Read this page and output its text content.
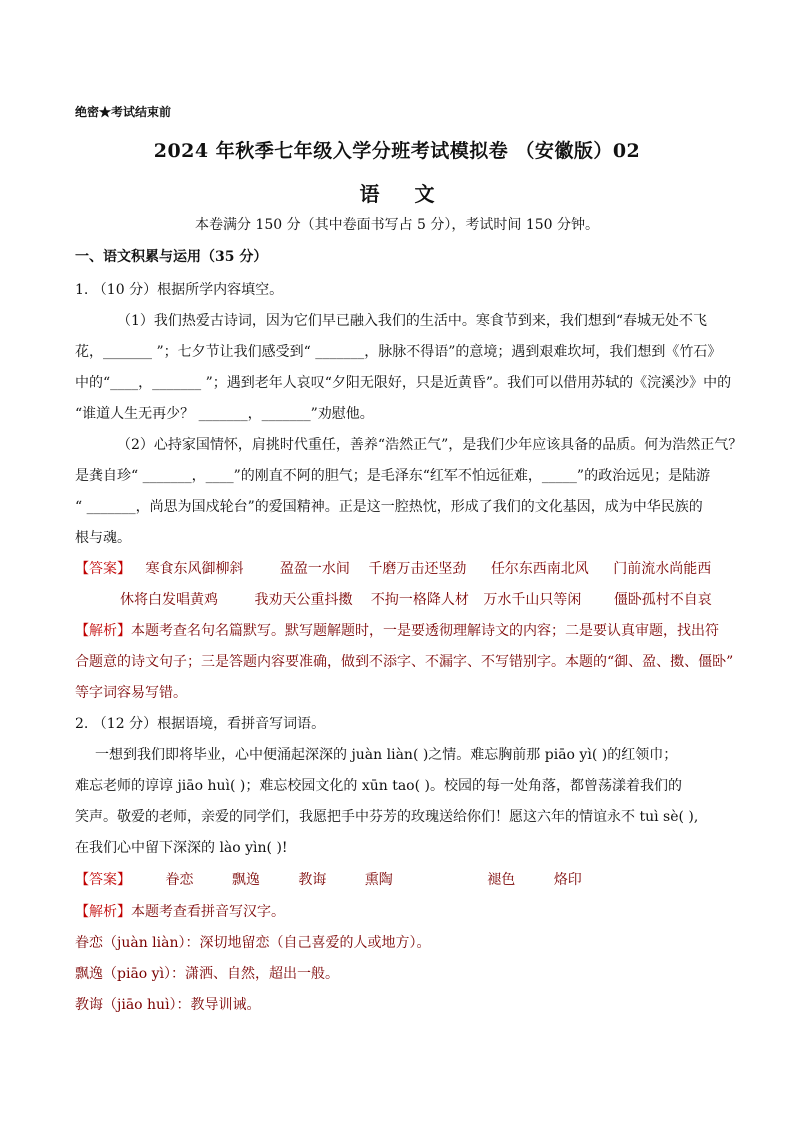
绝密★考试结束前
2024 年秋季七年级入学分班考试模拟卷 （安徽版）02
语 文
本卷满分 150 分（其中卷面书写占 5 分），考试时间 150 分钟。
一、语文积累与运用（35 分）
1. （10 分）根据所学内容填空。
（1）我们热爱古诗词，因为它们早已融入我们的生活中。寒食节到来，我们想到“春城无处不飞
花，_______ ”；七夕节让我们感受到“ _______，脉脉不得语”的意境；遇到艰难坎坷，我们想到《竹石》
中的“____，_______ ”；遇到老年人哀叹“夕阳无限好，只是近黄昏”。我们可以借用苏轼的《浣溪沙》中的
“谁道人生无再少？ _______，_______”劝慰他。
（2）心持家国情怀，肩挑时代重任，善养“浩然正气”，是我们少年应该具备的品质。何为浩然正气？
是龚自珍“ _______，____”的刚直不阿的胆气；是毛泽东“红军不怕远征难，_____”的政治远见；是陆游
“ _______，尚思为国戍轮台”的爱国精神。正是这一腔热忱，形成了我们的文化基因，成为中华民族的
根与魂。
【答案】 寒食东风御柳斜	盈盈一水间 千磨万击还坚劲 任尔东西南北风 门前流水尚能西
休将白发唱黄鸡	我劝天公重抖擞 不拘一格降人材 万水千山只等闲 僵卧孤村不自哀
【解析】本题考查名句名篇默写。默写题解题时，一是要透彻理解诗文的内容；二是要认真审题，找出符
合题意的诗文句子；三是答题内容要准确，做到不添字、不漏字、不写错别字。本题的“御、盈、擞、僵卧”
等字词容易写错。
2. （12 分）根据语境，看拼音写词语。
一想到我们即将毕业，心中便涌起深深的 juàn liàn( )之情。难忘胸前那 piāo yì( )的红领巾；
难忘老师的谆谆 jiāo huì( )；难忘校园文化的 xūn tao( )。校园的每一处角落，都曾荡漾着我们的
笑声。敬爱的老师，亲爱的同学们，我愿把手中芬芳的玫瑰送给你们！愿这六年的情谊永不 tuì sè( ),
在我们心中留下深深的 lào yìn( )!
【答案】 眷恋	飘逸	教诲	熏陶	褪色	烙印
【解析】本题考查看拼音写汉字。
眷恋（juàn liàn）：深切地留恋（自己喜爱的人或地方）。
飘逸（piāo yì）：潇洒、自然，超出一般。
教诲（jiāo huì）：教导训诫。
